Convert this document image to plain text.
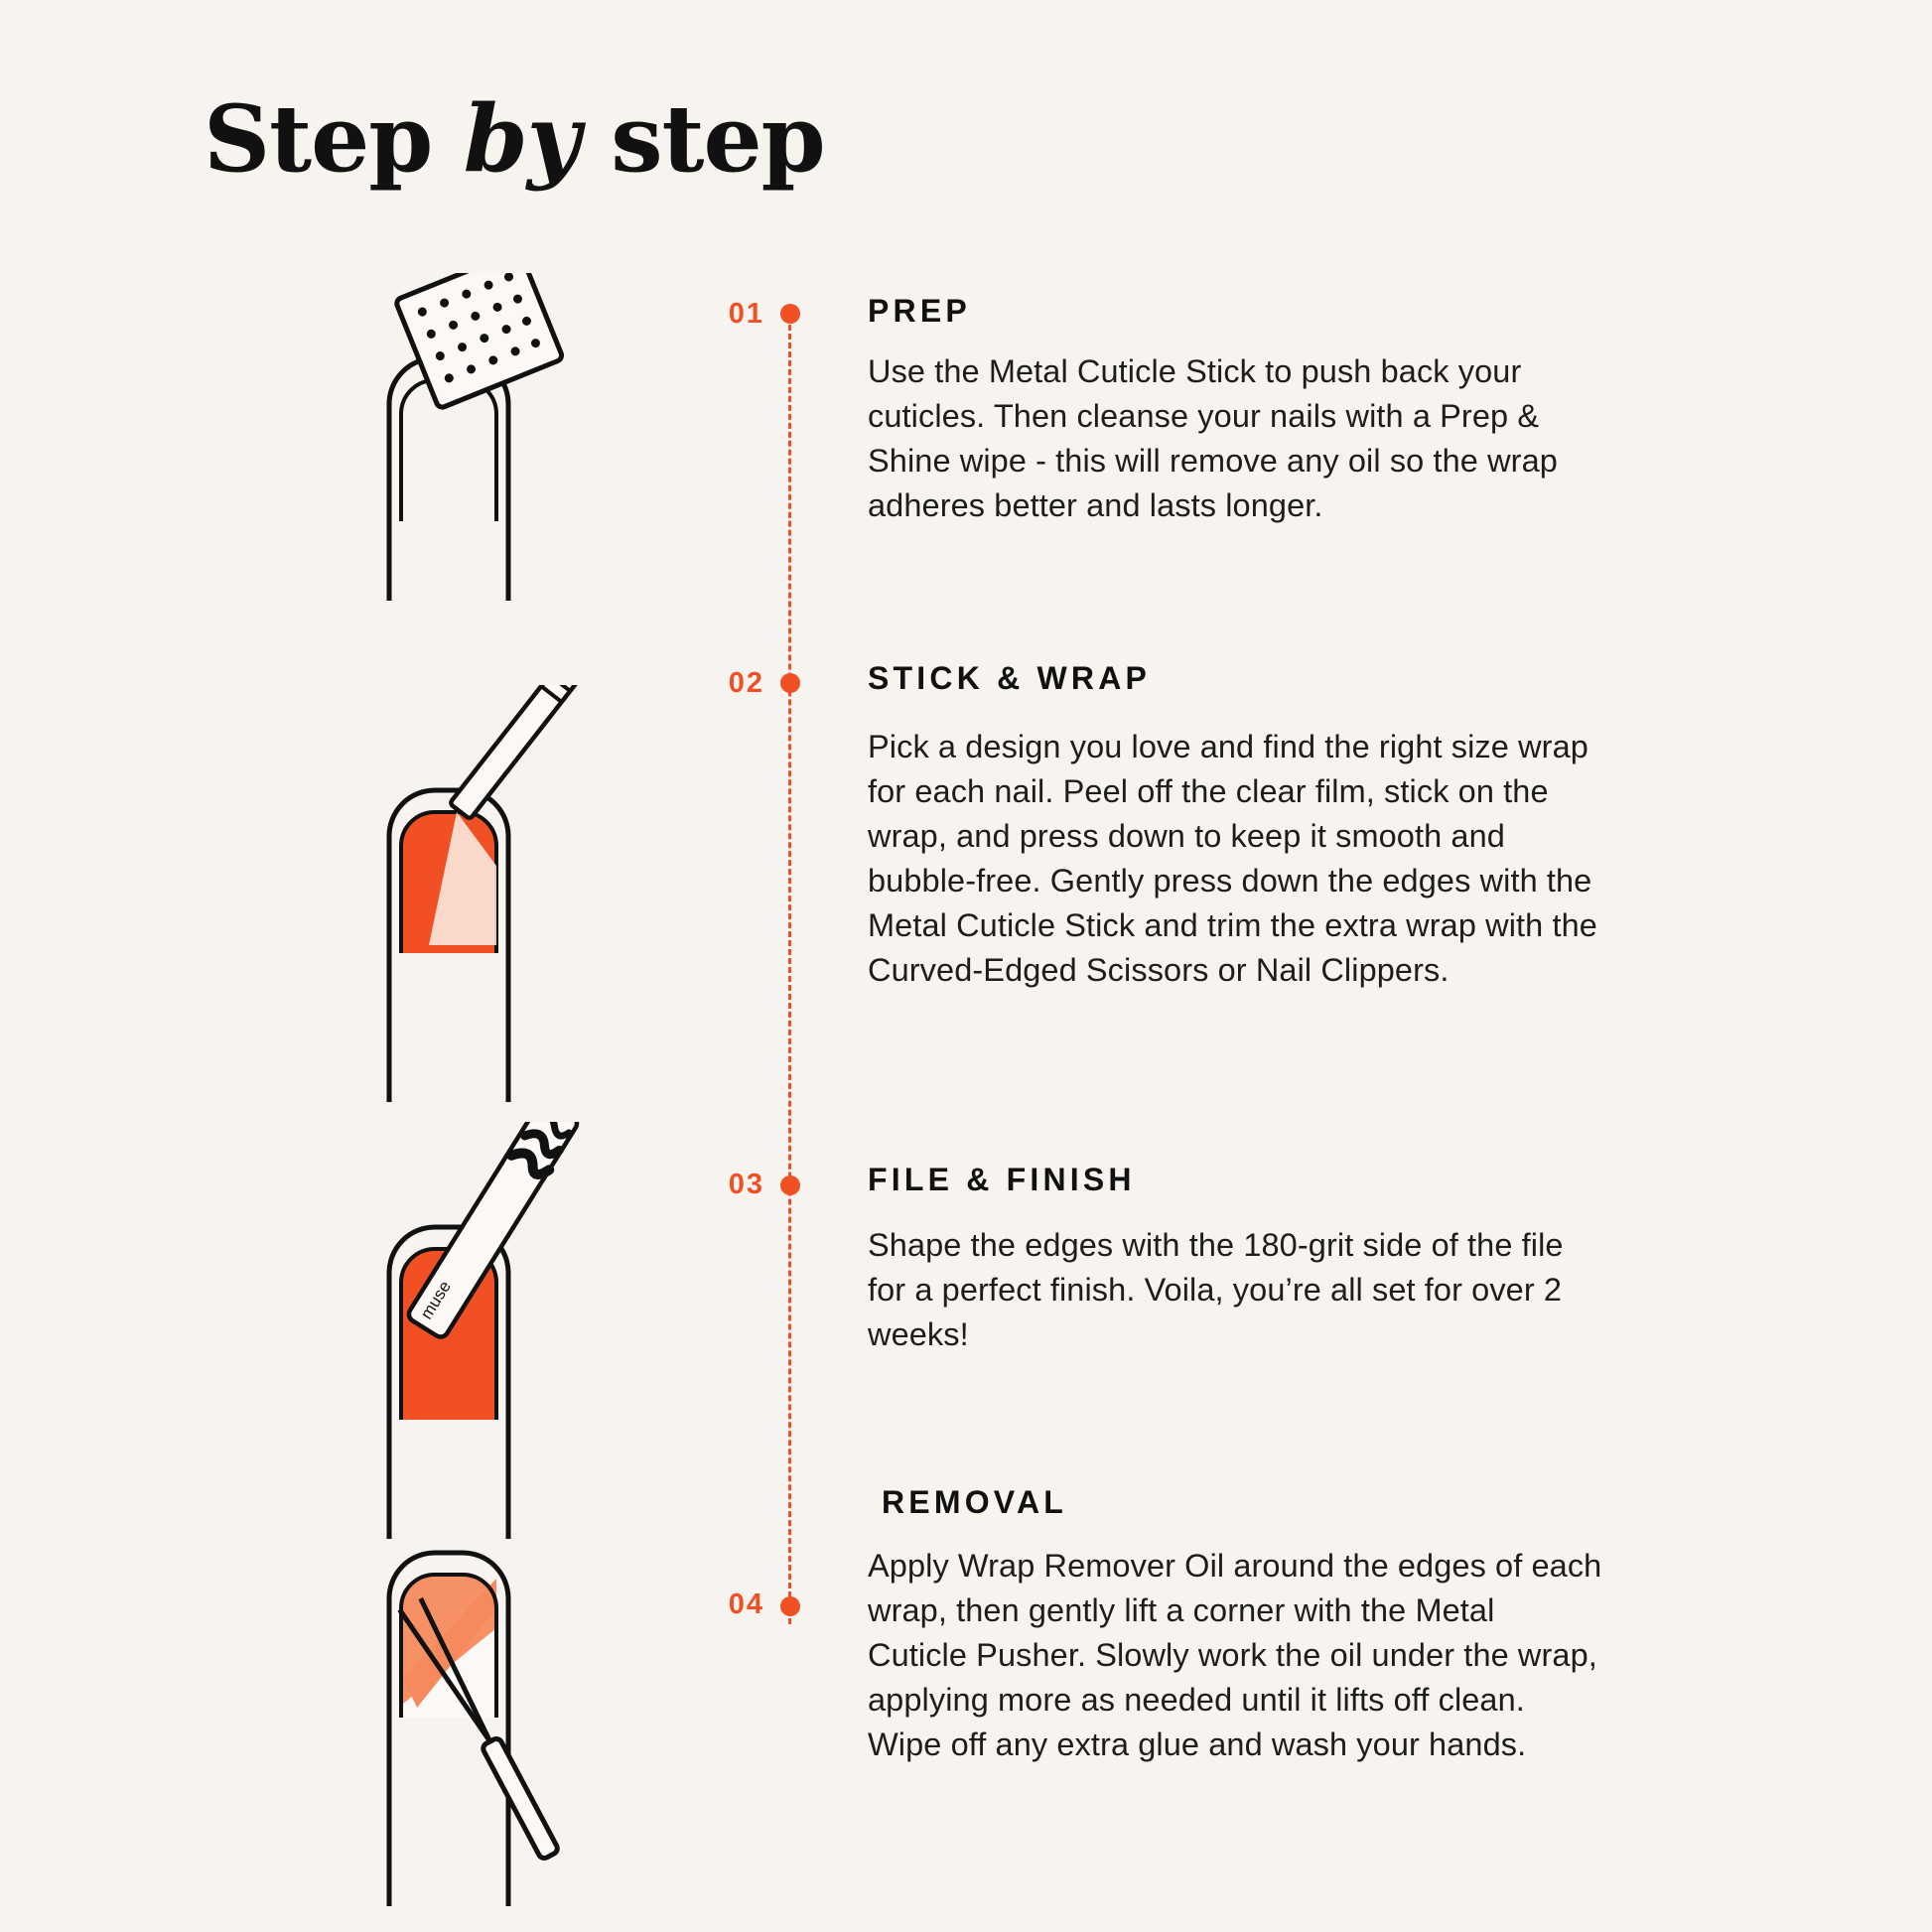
Step by step
01	PREP
Use the Metal Cuticle Stick to push back your cuticles. Then cleanse your nails with a Prep & Shine wipe - this will remove any oil so the wrap adheres better and lasts longer.
02	STICK & WRAP
Pick a design you love and find the right size wrap for each nail. Peel off the clear film, stick on the wrap, and press down to keep it smooth and bubble-free. Gently press down the edges with the Metal Cuticle Stick and trim the extra wrap with the Curved-Edged Scissors or Nail Clippers.
03	FILE & FINISH
Shape the edges with the 180-grit side of the file for a perfect finish. Voila, you’re all set for over 2 weeks!
muse
04
REMOVAL
Apply Wrap Remover Oil around the edges of each wrap, then gently lift a corner with the Metal Cuticle Pusher. Slowly work the oil under the wrap, applying more as needed until it lifts off clean. Wipe off any extra glue and wash your hands.
